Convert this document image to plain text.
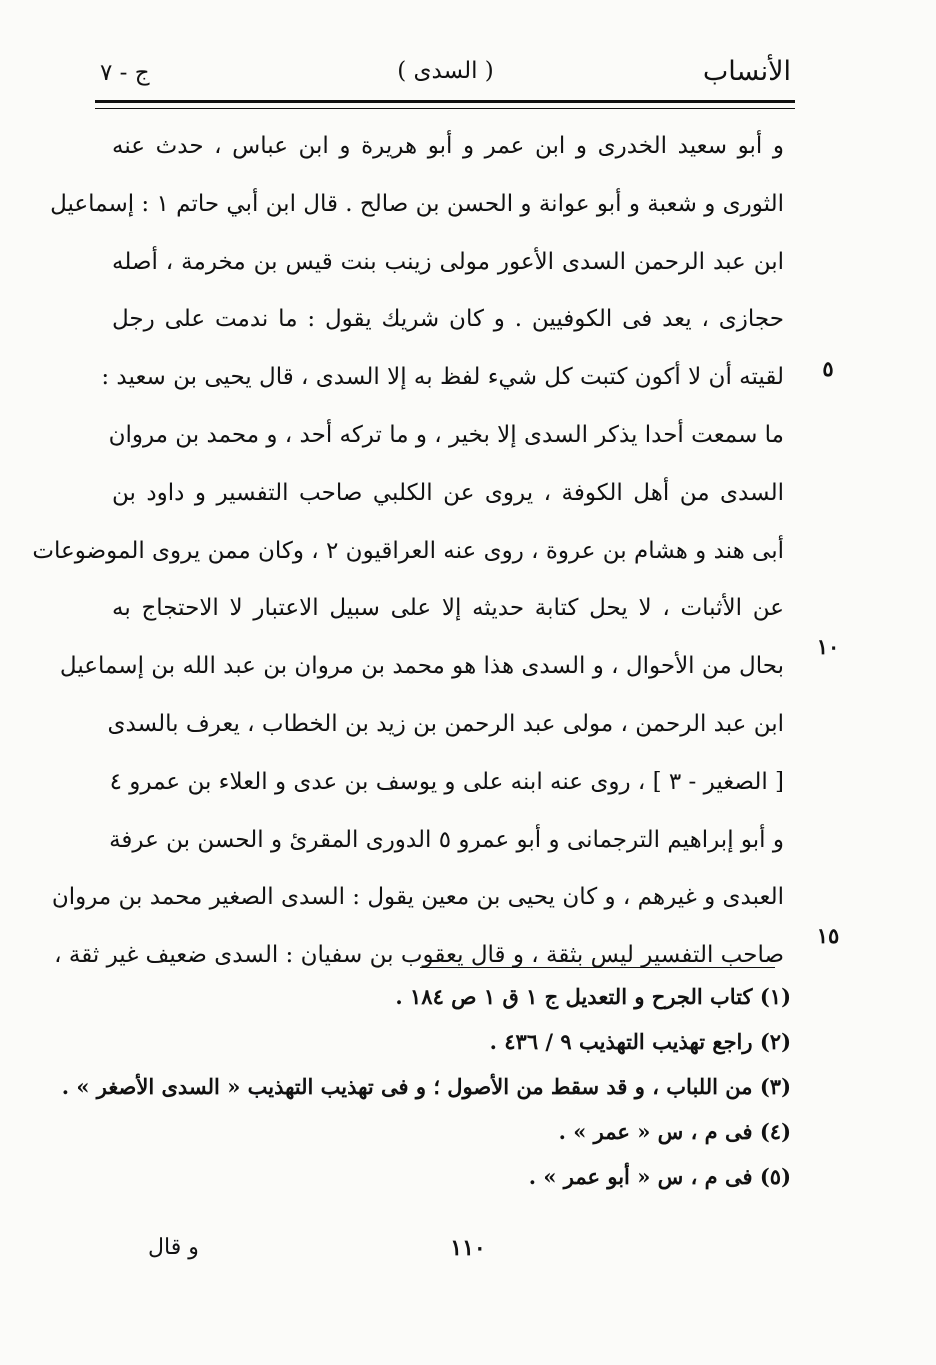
الأنساب
( السدى )
ج - ٧
و أبو سعيد الخدرى و ابن عمر و أبو هريرة و ابن عباس ، حدث عنه
الثورى و شعبة و أبو عوانة و الحسن بن صالح . قال ابن أبي حاتم ١ : إسماعيل
ابن عبد الرحمن السدى الأعور مولى زينب بنت قيس بن مخرمة ، أصله
حجازى ، يعد فى الكوفيين . و كان شريك يقول : ما ندمت على رجل
لقيته أن لا أكون كتبت كل شيء لفظ به إلا السدى ، قال يحيى بن سعيد :
ما سمعت أحدا يذكر السدى إلا بخير ، و ما تركه أحد ، و محمد بن مروان
السدى من أهل الكوفة ، يروى عن الكلبي صاحب التفسير و داود بن
أبى هند و هشام بن عروة ، روى عنه العراقيون ٢ ، وكان ممن يروى الموضوعات
عن الأثبات ، لا يحل كتابة حديثه إلا على سبيل الاعتبار لا الاحتجاج به
بحال من الأحوال ، و السدى هذا هو محمد بن مروان بن عبد الله بن إسماعيل
ابن عبد الرحمن ، مولى عبد الرحمن بن زيد بن الخطاب ، يعرف بالسدى
[ الصغير - ٣ ] ، روى عنه ابنه على و يوسف بن عدى و العلاء بن عمرو ٤
و أبو إبراهيم الترجمانى و أبو عمرو ٥ الدورى المقرئ و الحسن بن عرفة
العبدى و غيرهم ، و كان يحيى بن معين يقول : السدى الصغير محمد بن مروان
صاحب التفسير ليس بثقة ، و قال يعقوب بن سفيان : السدى ضعيف غير ثقة ،
٥
١٠
١٥
(١) كتاب الجرح و التعديل ج ١ ق ١ ص ١٨٤ .
(٢) راجع تهذيب التهذيب ٩ / ٤٣٦ .
(٣) من اللباب ، و قد سقط من الأصول ؛ و فى تهذيب التهذيب « السدى الأصغر » .
(٤) فى م ، س « عمر » .
(٥) فى م ، س « أبو عمر » .
١١٠
و قال
